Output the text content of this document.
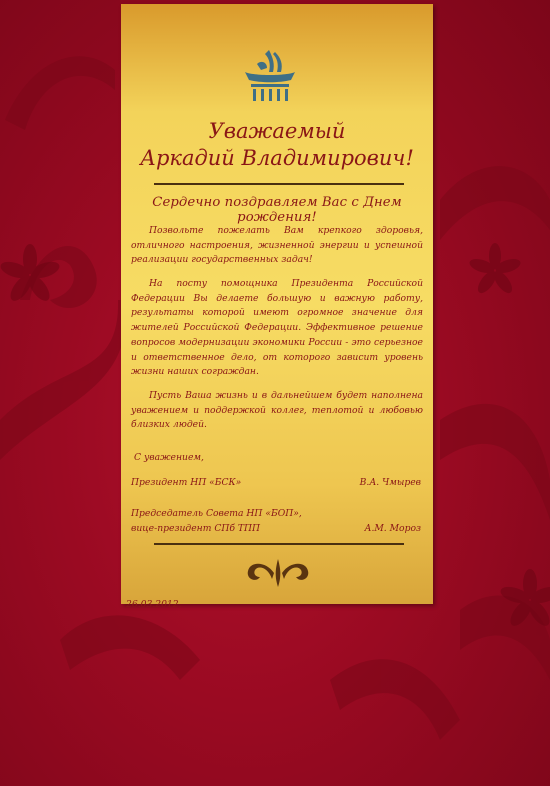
Уважаемый
Аркадий Владимирович!
Сердечно поздравляем Вас с Днем рождения!

Позвольте пожелать Вам крепкого здоровья, отличного настроения, жизненной энергии и успешной реализации государственных задач!

На посту помощника Президента Российской Федерации Вы делаете большую и важную работу, результаты которой имеют огромное значение для жителей Российской Федерации. Эффективное решение вопросов модернизации экономики России - это серьезное и ответственное дело, от которого зависит уровень жизни наших сограждан.

Пусть Ваша жизнь и в дальнейшем будет наполнена уважением и поддержкой коллег, теплотой и любовью близких людей.

С уважением,
Президент НП «БСК»	В.А. Чмырев
Председатель Совета НП «БОП»,
вице-президент СПб ТПП	А.М. Мороз
26.03.2012.
